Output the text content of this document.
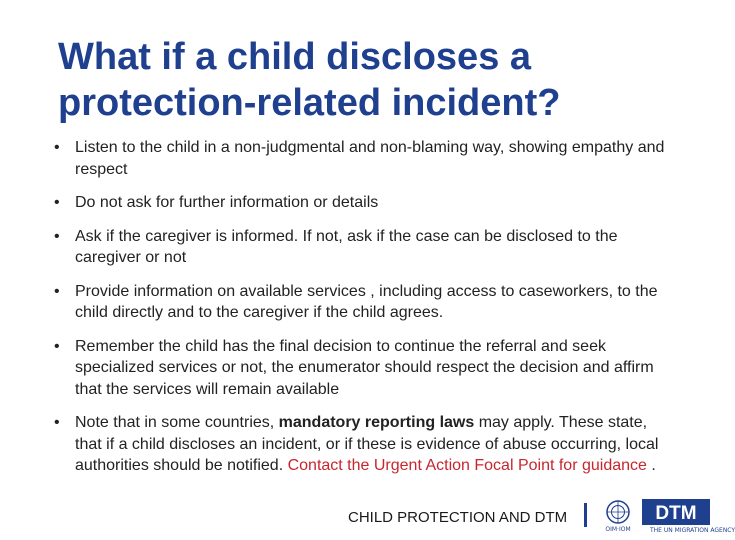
What if a child discloses a
protection-related incident?
• Listen to the child in a non-judgmental and non-blaming way, showing empathy and respect
• Do not ask for further information or details
• Ask if the caregiver is informed. If not, ask if the case can be disclosed to the caregiver or not
• Provide information on available services , including access to caseworkers, to the child directly and to the caregiver if the child agrees.
• Remember the child has the final decision to continue the referral and seek specialized services or not, the enumerator should respect the decision and affirm that the services will remain available
• Note that in some countries, mandatory reporting laws may apply. These state, that if a child discloses an incident, or if these is evidence of abuse occurring, local authorities should be notified. Contact the Urgent Action Focal Point for guidance .
CHILD PROTECTION AND DTM
OIM·IOM
DTM
THE UN MIGRATION AGENCY
